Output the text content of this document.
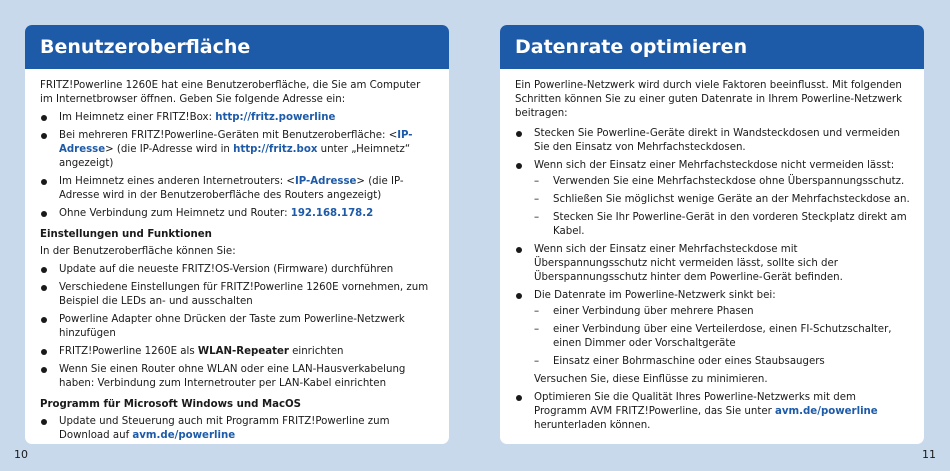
Benutzeroberfläche

FRITZ!Powerline 1260E hat eine Benutzeroberfläche, die Sie am Computer im Internetbrowser öffnen. Geben Sie folgende Adresse ein:

Im Heimnetz einer FRITZ!Box: http://fritz.powerline
Bei mehreren FRITZ!Powerline-Geräten mit Benutzeroberfläche: <IP-Adresse> (die IP-Adresse wird in http://fritz.box unter „Heimnetz“ angezeigt)
Im Heimnetz eines anderen Internetrouters: <IP-Adresse> (die IP-Adresse wird in der Benutzeroberfläche des Routers angezeigt)
Ohne Verbindung zum Heimnetz und Router: 192.168.178.2
Einstellungen und Funktionen

In der Benutzeroberfläche können Sie:

Update auf die neueste FRITZ!OS-Version (Firmware) durchführen
Verschiedene Einstellungen für FRITZ!Powerline 1260E vornehmen, zum Beispiel die LEDs an- und ausschalten
Powerline Adapter ohne Drücken der Taste zum Powerline-Netzwerk hinzufügen
FRITZ!Powerline 1260E als WLAN-Repeater einrichten
Wenn Sie einen Router ohne WLAN oder eine LAN-Hausverkabelung haben: Verbindung zum Internetrouter per LAN-Kabel einrichten
Programm für Microsoft Windows und MacOS
Update und Steuerung auch mit Programm FRITZ!Powerline zum Download auf avm.de/powerline
Datenrate optimieren

Ein Powerline-Netzwerk wird durch viele Faktoren beeinflusst. Mit folgenden Schritten können Sie zu einer guten Datenrate in Ihrem Powerline-Netzwerk beitragen:

Stecken Sie Powerline-Geräte direkt in Wandsteckdosen und vermeiden Sie den Einsatz von Mehrfachsteckdosen.
Wenn sich der Einsatz einer Mehrfachsteckdose nicht vermeiden lässt:
– Verwenden Sie eine Mehrfachsteckdose ohne Überspannungsschutz.
– Schließen Sie möglichst wenige Geräte an der Mehrfachsteckdose an.
– Stecken Sie Ihr Powerline-Gerät in den vorderen Steckplatz direkt am Kabel.
Wenn sich der Einsatz einer Mehrfachsteckdose mit Überspannungsschutz nicht vermeiden lässt, sollte sich der Überspannungsschutz hinter dem Powerline-Gerät befinden.
Die Datenrate im Powerline-Netzwerk sinkt bei:
– einer Verbindung über mehrere Phasen
– einer Verbindung über eine Verteilerdose, einen FI-Schutzschalter, einen Dimmer oder Vorschaltgeräte
– Einsatz einer Bohrmaschine oder eines Staubsaugers

Versuchen Sie, diese Einflüsse zu minimieren.

Optimieren Sie die Qualität Ihres Powerline-Netzwerks mit dem Programm AVM FRITZ!Powerline, das Sie unter avm.de/powerline herunterladen können.
10	11
